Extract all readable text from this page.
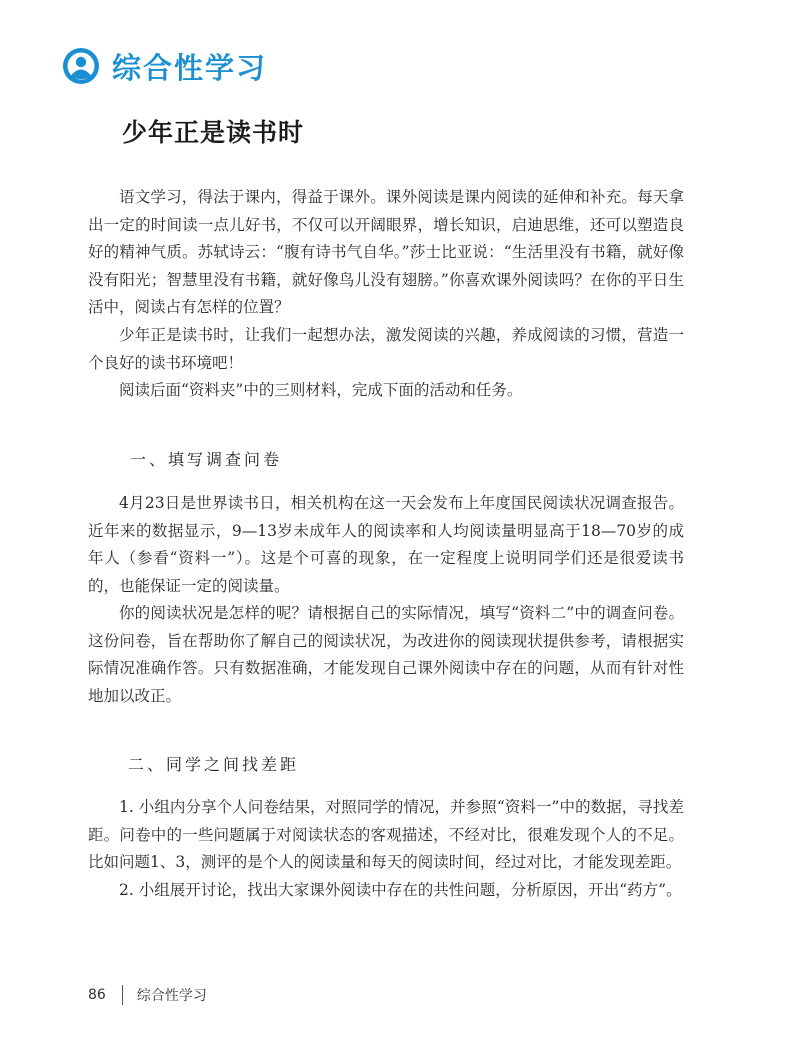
综合性学习
少年正是读书时

语文学习，得法于课内，得益于课外。课外阅读是课内阅读的延伸和补充。每天拿出一定的时间读一点儿好书，不仅可以开阔眼界，增长知识，启迪思维，还可以塑造良好的精神气质。苏轼诗云：“腹有诗书气自华。”莎士比亚说：“生活里没有书籍，就好像没有阳光；智慧里没有书籍，就好像鸟儿没有翅膀。”你喜欢课外阅读吗？在你的平日生活中，阅读占有怎样的位置？

少年正是读书时，让我们一起想办法，激发阅读的兴趣，养成阅读的习惯，营造一个良好的读书环境吧！

阅读后面“资料夹”中的三则材料，完成下面的活动和任务。

一、填写调查问卷

4月23日是世界读书日，相关机构在这一天会发布上年度国民阅读状况调查报告。近年来的数据显示，9—13岁未成年人的阅读率和人均阅读量明显高于18—70岁的成年人（参看“资料一”）。这是个可喜的现象，在一定程度上说明同学们还是很爱读书的，也能保证一定的阅读量。

你的阅读状况是怎样的呢？请根据自己的实际情况，填写“资料二”中的调查问卷。这份问卷，旨在帮助你了解自己的阅读状况，为改进你的阅读现状提供参考，请根据实际情况准确作答。只有数据准确，才能发现自己课外阅读中存在的问题，从而有针对性地加以改正。

二、同学之间找差距

1. 小组内分享个人问卷结果，对照同学的情况，并参照“资料一”中的数据，寻找差距。问卷中的一些问题属于对阅读状态的客观描述，不经对比，很难发现个人的不足。比如问题1、3，测评的是个人的阅读量和每天的阅读时间，经过对比，才能发现差距。

2. 小组展开讨论，找出大家课外阅读中存在的共性问题，分析原因，开出“药方”。

86 综合性学习
